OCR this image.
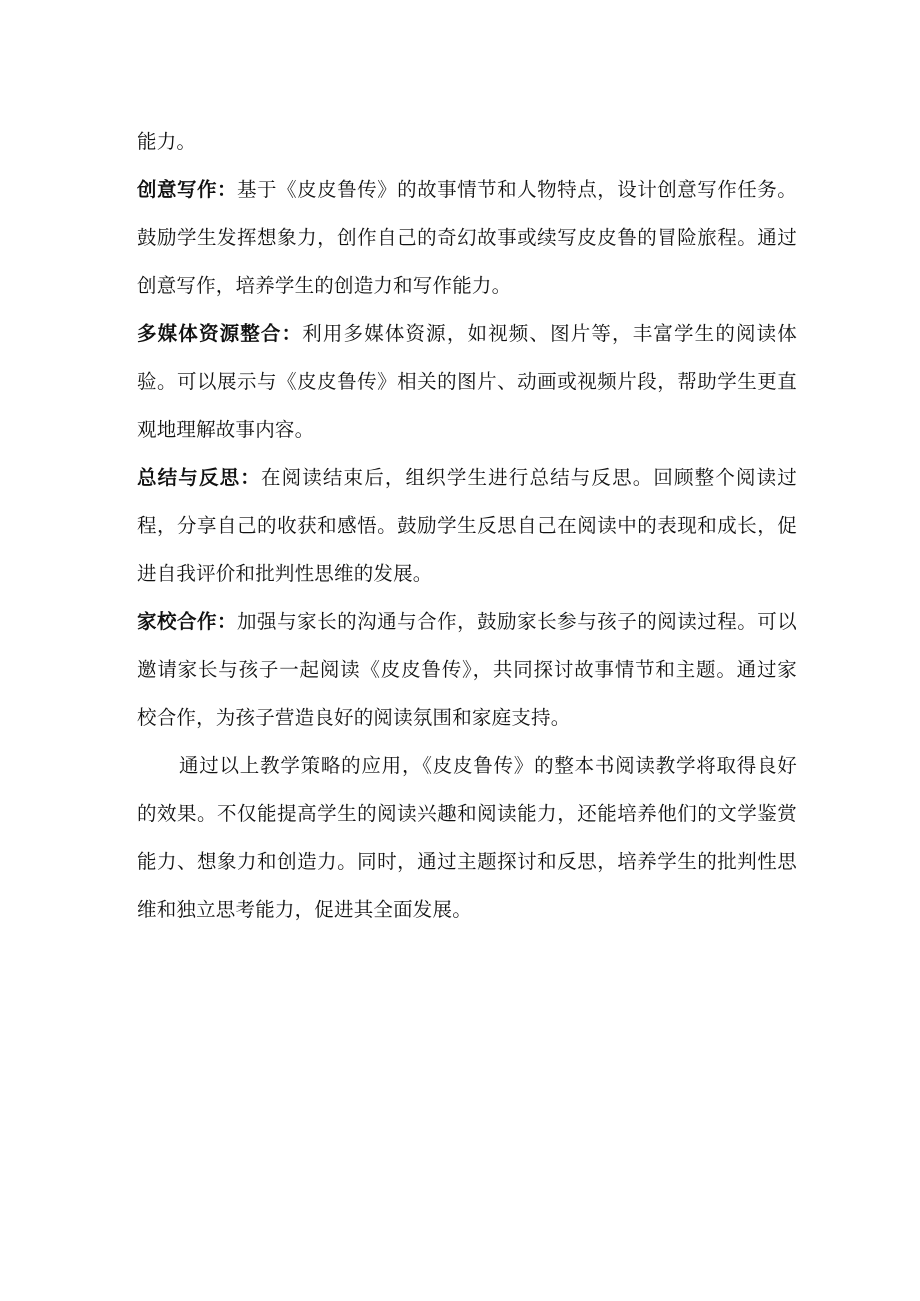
能力。

创意写作：基于《皮皮鲁传》的故事情节和人物特点，设计创意写作任务。鼓励学生发挥想象力，创作自己的奇幻故事或续写皮皮鲁的冒险旅程。通过创意写作，培养学生的创造力和写作能力。

多媒体资源整合：利用多媒体资源，如视频、图片等，丰富学生的阅读体验。可以展示与《皮皮鲁传》相关的图片、动画或视频片段，帮助学生更直观地理解故事内容。

总结与反思：在阅读结束后，组织学生进行总结与反思。回顾整个阅读过程，分享自己的收获和感悟。鼓励学生反思自己在阅读中的表现和成长，促进自我评价和批判性思维的发展。

家校合作：加强与家长的沟通与合作，鼓励家长参与孩子的阅读过程。可以邀请家长与孩子一起阅读《皮皮鲁传》，共同探讨故事情节和主题。通过家校合作，为孩子营造良好的阅读氛围和家庭支持。

通过以上教学策略的应用，《皮皮鲁传》的整本书阅读教学将取得良好的效果。不仅能提高学生的阅读兴趣和阅读能力，还能培养他们的文学鉴赏能力、想象力和创造力。同时，通过主题探讨和反思，培养学生的批判性思维和独立思考能力，促进其全面发展。
